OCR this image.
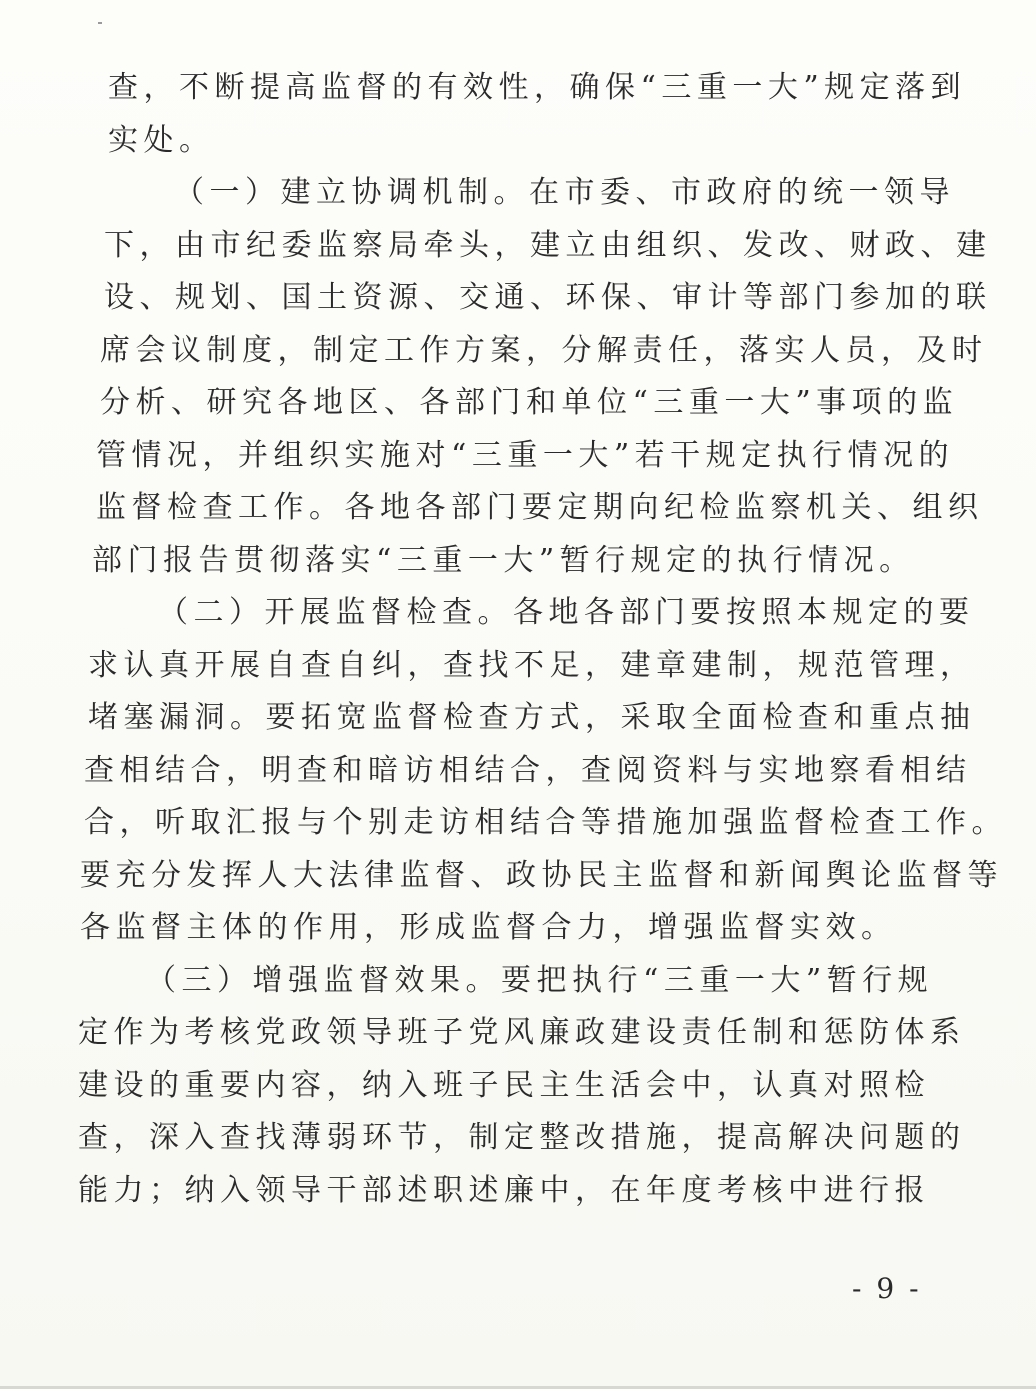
查，不断提高监督的有效性，确保“三重一大”规定落到
实处。
（一）建立协调机制。在市委、市政府的统一领导
下，由市纪委监察局牵头，建立由组织、发改、财政、建
设、规划、国土资源、交通、环保、审计等部门参加的联
席会议制度，制定工作方案，分解责任，落实人员，及时
分析、研究各地区、各部门和单位“三重一大”事项的监
管情况，并组织实施对“三重一大”若干规定执行情况的
监督检查工作。各地各部门要定期向纪检监察机关、组织
部门报告贯彻落实“三重一大”暂行规定的执行情况。
（二）开展监督检查。各地各部门要按照本规定的要
求认真开展自查自纠，查找不足，建章建制，规范管理，
堵塞漏洞。要拓宽监督检查方式，采取全面检查和重点抽
查相结合，明查和暗访相结合，查阅资料与实地察看相结
合，听取汇报与个别走访相结合等措施加强监督检查工作。
要充分发挥人大法律监督、政协民主监督和新闻舆论监督等
各监督主体的作用，形成监督合力，增强监督实效。
（三）增强监督效果。要把执行“三重一大”暂行规
定作为考核党政领导班子党风廉政建设责任制和惩防体系
建设的重要内容，纳入班子民主生活会中，认真对照检
查，深入查找薄弱环节，制定整改措施，提高解决问题的
能力；纳入领导干部述职述廉中，在年度考核中进行报
- 9 -
